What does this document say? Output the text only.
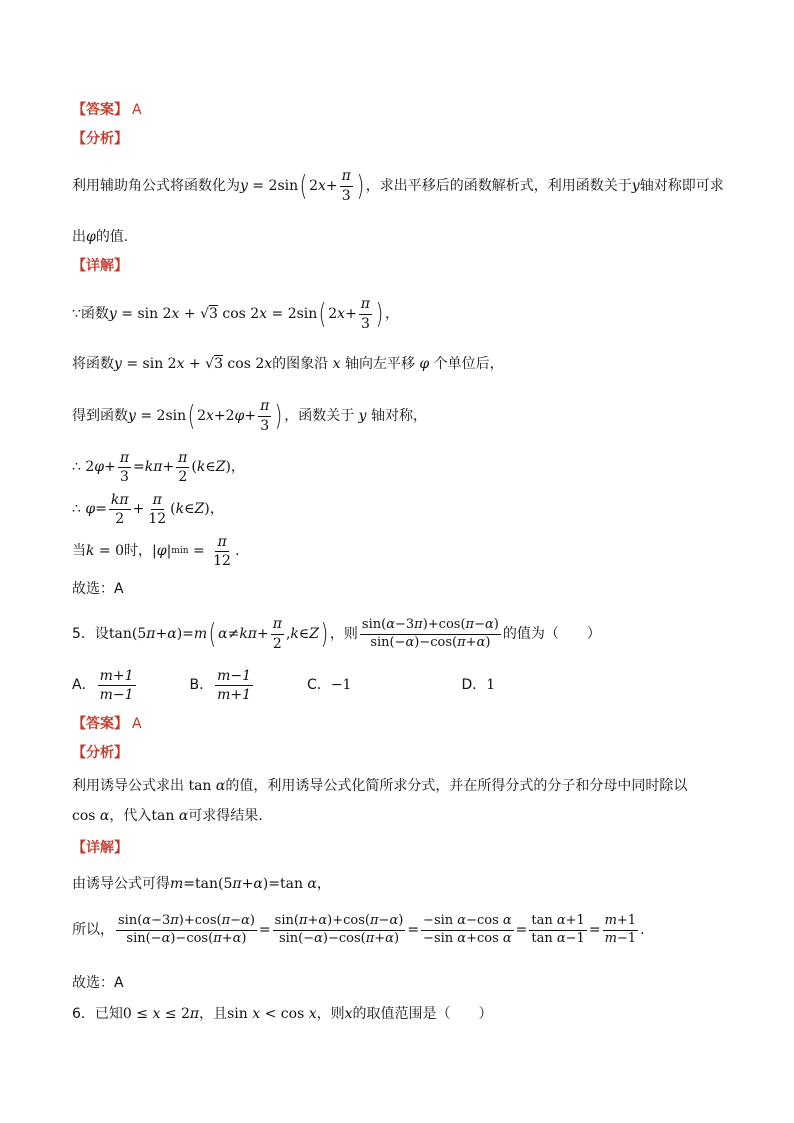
【答案】 A
【分析】
利用辅助角公式将函数化为 y = 2sin ( 2 $x + \frac{\pi}{3}$ ) ，求出平移后的函数解析式，利用函数关于 y 轴对称即可求
出 φ 的值.
【详解】
∵ 函数 y = sin 2 x + √3 cos 2 x = 2sin ( 2 $x + \frac{\pi}{3}$ ) ，
将函数 y = sin 2 x + √3 cos 2 x 的图象沿 x 轴向左平移 φ 个单位后，
得到函数 y = 2sin ( 2 x +2 $\varphi + \frac{\pi}{3}$ ) ，函数关于 y 轴对称，
∴ 2 $\varphi + \frac{\pi}{3} = k\pi + \frac{\pi}{2}$ ( k ∈ Z ) ，
∴ $\varphi = \frac{k\pi}{2} + \frac{\pi}{12}$ ( k ∈ Z ) ，
当 k = 0 时， | φ | $\min = \frac{\pi}{12}$ .
故选：A
5． 设 tan(5 π + α )= m ( $\alpha \ne k\pi + \frac{\pi}{2}$ , k ∈ Z ) ，则 $\frac{\sin(\alpha-3\pi)+\cos(\pi-\alpha)}{\sin(-\alpha)-\cos(\pi+\alpha)}$ 的值为（　　）
A． $\frac{m+1}{m-1}$	B． $\frac{m-1}{m+1}$	C． −1	D． 1
【答案】 A
【分析】
利用诱导公式求出 tan α 的值，利用诱导公式化简所求分式，并在所得分式的分子和分母中同时除以
cos α ，代入 tan α 可求得结果.
【详解】
由诱导公式可得 m =tan(5 π + α )=tan α ，
所以， $\frac{\sin(\alpha-3\pi)+\cos(\pi-\alpha)}{\sin(-\alpha)-\cos(\pi+\alpha)} = \frac{\sin(\pi+\alpha)+\cos(\pi-\alpha)}{\sin(-\alpha)-\cos(\pi+\alpha)} = \frac{\text{−sin α−cos α}}{\text{−sin α+cos α}} = \frac{\text{tan α+1}}{\text{tan α−1}} = \frac{m+1}{m-1}$ .
故选：A
6． 已知 0 ≤ x ≤ 2 π ，且 sin x < cos x ，则 x 的取值范围是（　　）
